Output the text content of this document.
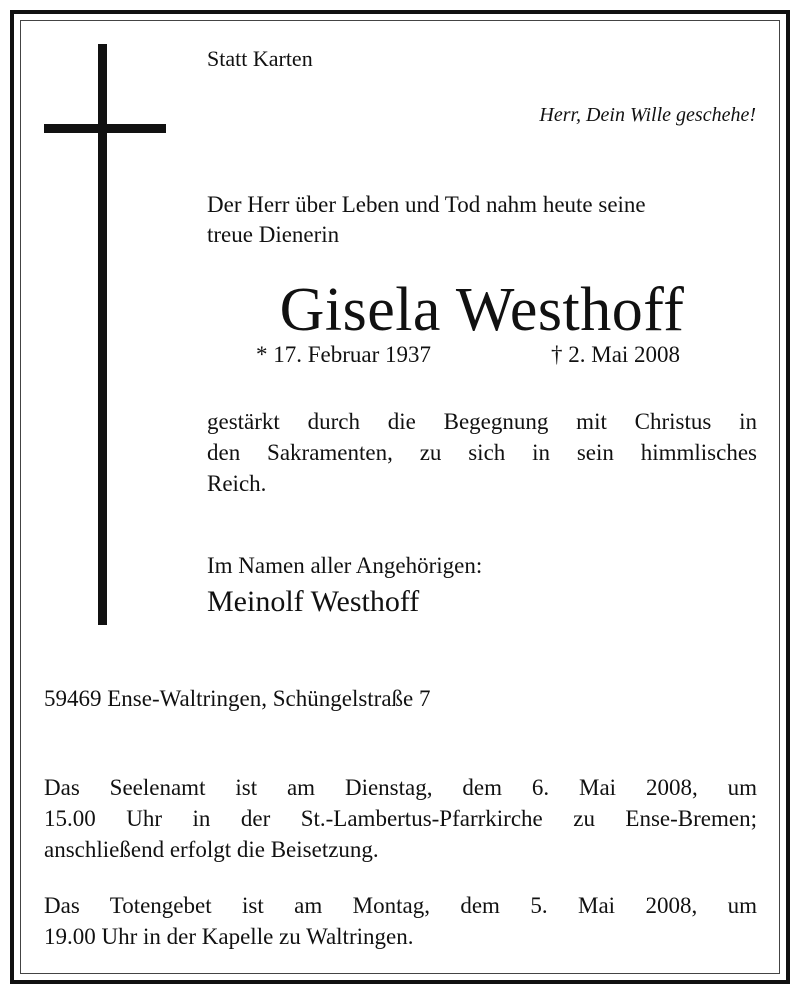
Statt Karten

Herr, Dein Wille geschehe!

Der Herr über Leben und Tod nahm heute seine
treue Dienerin

Gisela Westhoff

* 17. Februar 1937	† 2. Mai 2008

gestärkt durch die Begegnung mit Christus in
den Sakramenten, zu sich in sein himmlisches
Reich.

Im Namen aller Angehörigen:

Meinolf Westhoff

59469 Ense-Waltringen, Schüngelstraße 7

Das Seelenamt ist am Dienstag, dem 6. Mai 2008, um
15.00 Uhr in der St.-Lambertus-Pfarrkirche zu Ense-Bremen;
anschließend erfolgt die Beisetzung.

Das Totengebet ist am Montag, dem 5. Mai 2008, um
19.00 Uhr in der Kapelle zu Waltringen.
